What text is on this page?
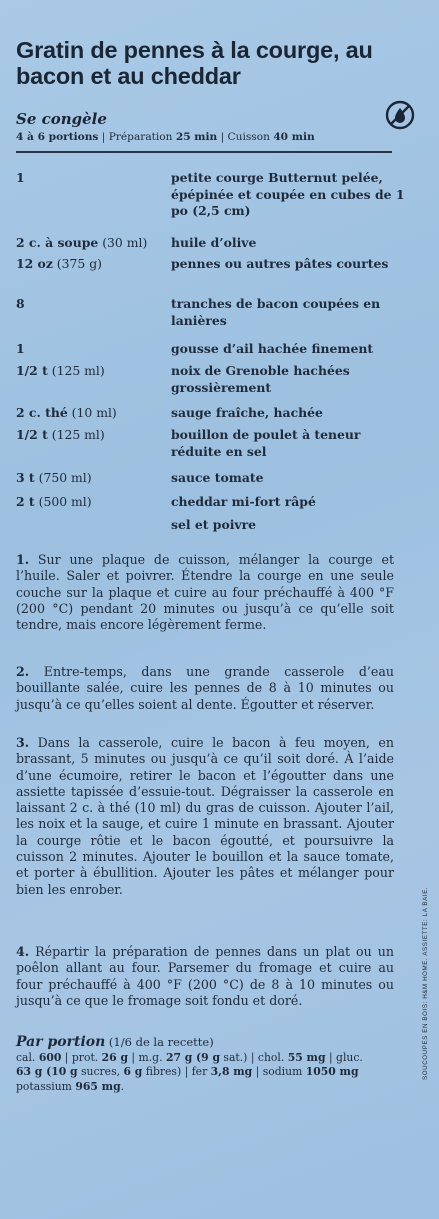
Gratin de pennes à la courge, au bacon et au cheddar
Se congèle
4 à 6 portions | Préparation 25 min | Cuisson 40 min
1	petite courge Butternut pelée, épépinée et coupée en cubes de 1 po (2,5 cm)
2 c. à soupe (30 ml)	huile d’olive
12 oz (375 g)	pennes ou autres pâtes courtes
8	tranches de bacon coupées en lanières
1	gousse d’ail hachée finement
1/2 t (125 ml)	noix de Grenoble hachées grossièrement
2 c. thé (10 ml)	sauge fraîche, hachée
1/2 t (125 ml)	bouillon de poulet à teneur réduite en sel
3 t (750 ml)	sauce tomate
2 t (500 ml)	cheddar mi-fort râpé
sel et poivre
1. Sur une plaque de cuisson, mélanger la courge et l’huile. Saler et poivrer. Étendre la courge en une seule couche sur la plaque et cuire au four préchauffé à 400 °F (200 °C) pendant 20 minutes ou jusqu’à ce qu’elle soit tendre, mais encore légèrement ferme.
2. Entre-temps, dans une grande casserole d’eau bouillante salée, cuire les pennes de 8 à 10 minutes ou jusqu’à ce qu’elles soient al dente. Égoutter et réserver.
3. Dans la casserole, cuire le bacon à feu moyen, en brassant, 5 minutes ou jusqu’à ce qu’il soit doré. À l’aide d’une écumoire, retirer le bacon et l’égoutter dans une assiette tapissée d’essuie-tout. Dégraisser la casserole en laissant 2 c. à thé (10 ml) du gras de cuisson. Ajouter l’ail, les noix et la sauge, et cuire 1 minute en brassant. Ajouter la courge rôtie et le bacon égoutté, et poursuivre la cuisson 2 minutes. Ajouter le bouillon et la sauce tomate, et porter à ébullition. Ajouter les pâtes et mélanger pour bien les enrober.
4. Répartir la préparation de pennes dans un plat ou un poêlon allant au four. Parsemer du fromage et cuire au four préchauffé à 400 °F (200 °C) de 8 à 10 minutes ou jusqu’à ce que le fromage soit fondu et doré.
Par portion (1/6 de la recette)
cal. 600 | prot. 26 g | m.g. 27 g (9 g sat.) | chol. 55 mg | gluc.
63 g (10 g sucres, 6 g fibres) | fer 3,8 mg | sodium 1050 mg
potassium 965 mg.
SOUCOUPES EN BOIS: H&M HOME. ASSIETTE: LA BAIE.
